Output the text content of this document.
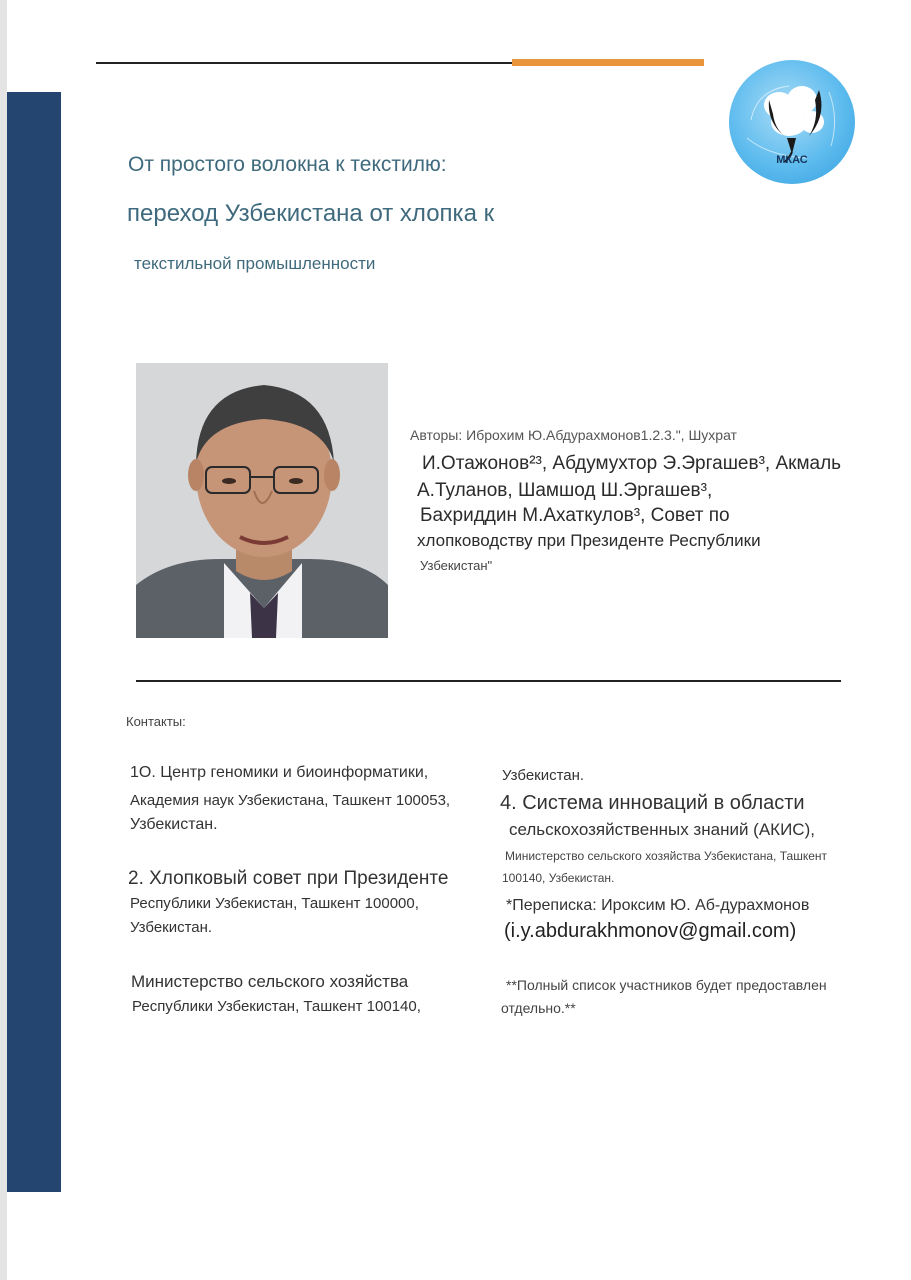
МКАС
От простого волокна к текстилю:
переход Узбекистана от хлопка к
текстильной промышленности
Авторы: Иброхим Ю.Абдурахмонов1.2.3.", Шухрат
И.Отажонов²³, Абдумухтор Э.Эргашев³, Акмаль
А.Туланов, Шамшод Ш.Эргашев³,
Бахриддин М.Ахаткулов³, Совет по
хлопководству при Президенте Республики
Узбекистан"
Контакты:
1О. Центр геномики и биоинформатики,
Академия наук Узбекистана, Ташкент 100053,
Узбекистан.
2. Хлопковый совет при Президенте
Республики Узбекистан, Ташкент 100000,
Узбекистан.
Министерство сельского хозяйства
Республики Узбекистан, Ташкент 100140,
Узбекистан.
4. Система инноваций в области
сельскохозяйственных знаний (АКИС),
Министерство сельского хозяйства Узбекистана, Ташкент
100140, Узбекистан.
*Переписка: Ироксим Ю. Аб-дурахмонов
(i.y.abdurakhmonov@gmail.com)
**Полный список участников будет предоставлен
отдельно.**
